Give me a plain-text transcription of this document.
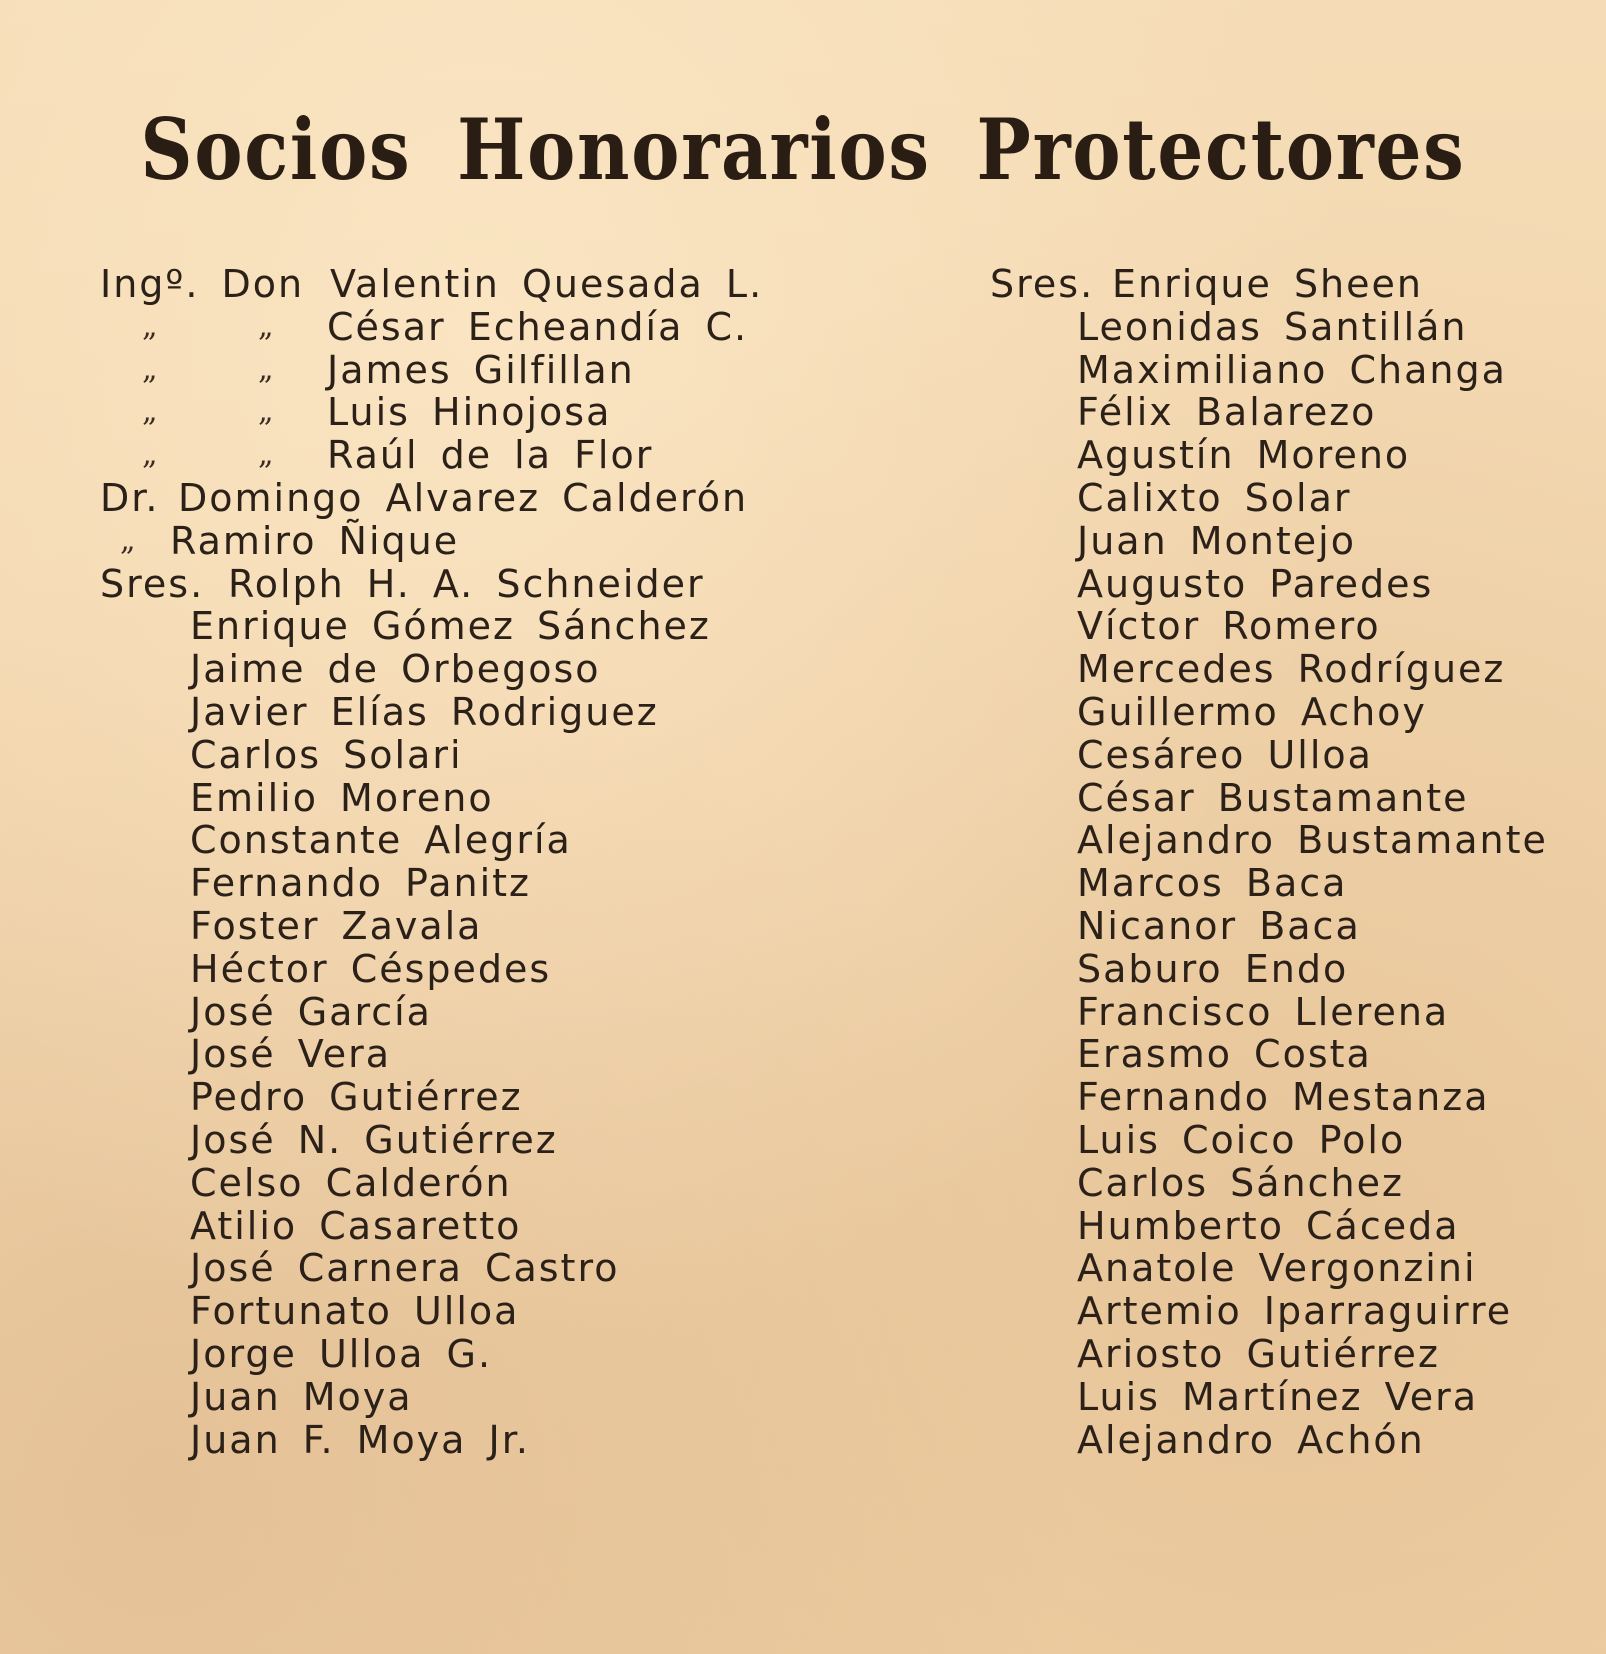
Socios Honorarios Protectores
Ingº. Don Valentin Quesada L.
„	„ César Echeandía C.
„	„ James Gilfillan
„	„ Luis Hinojosa
„	„ Raúl de la Flor
Dr. Domingo Alvarez Calderón
„ Ramiro Ñique
Sres. Rolph H. A. Schneider
Enrique Gómez Sánchez
Jaime de Orbegoso
Javier Elías Rodriguez
Carlos Solari
Emilio Moreno
Constante Alegría
Fernando Panitz
Foster Zavala
Héctor Céspedes
José García
José Vera
Pedro Gutiérrez
José N. Gutiérrez
Celso Calderón
Atilio Casaretto
José Carnera Castro
Fortunato Ulloa
Jorge Ulloa G.
Juan Moya
Juan F. Moya Jr.
Sres. Enrique Sheen
Leonidas Santillán
Maximiliano Changa
Félix Balarezo
Agustín Moreno
Calixto Solar
Juan Montejo
Augusto Paredes
Víctor Romero
Mercedes Rodríguez
Guillermo Achoy
Cesáreo Ulloa
César Bustamante
Alejandro Bustamante
Marcos Baca
Nicanor Baca
Saburo Endo
Francisco Llerena
Erasmo Costa
Fernando Mestanza
Luis Coico Polo
Carlos Sánchez
Humberto Cáceda
Anatole Vergonzini
Artemio Iparraguirre
Ariosto Gutiérrez
Luis Martínez Vera
Alejandro Achón
